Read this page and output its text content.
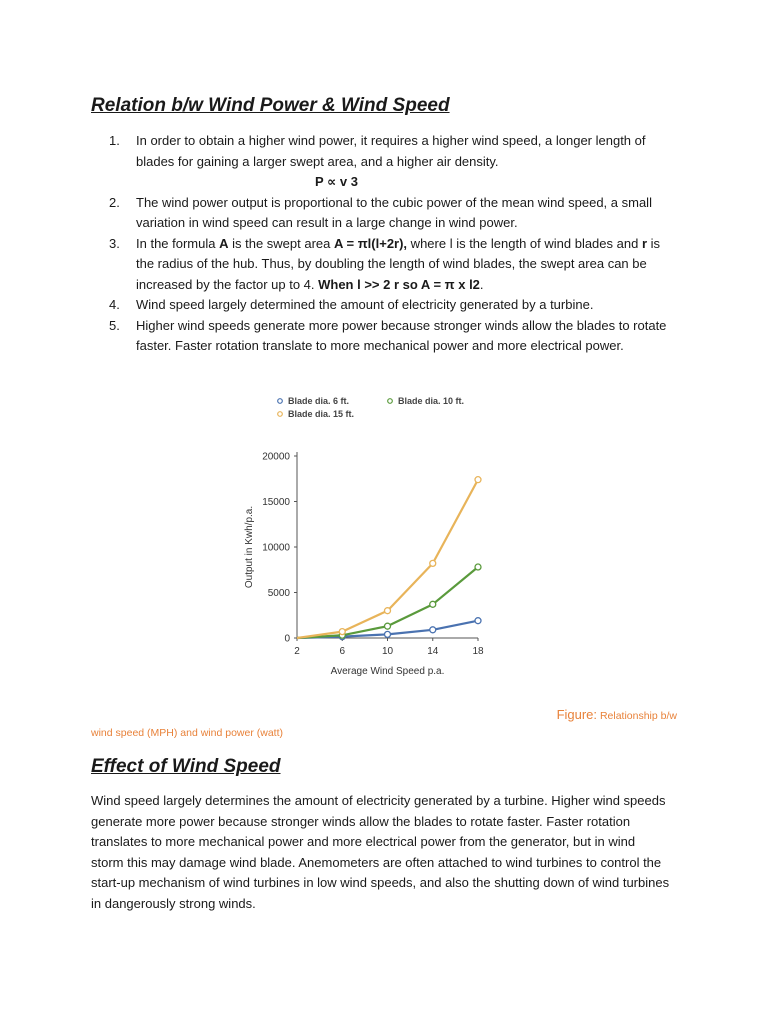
Relation b/w Wind Power & Wind Speed
1. In order to obtain a higher wind power, it requires a higher wind speed, a longer length of blades for gaining a larger swept area, and a higher air density.
P ∝ v 3
2. The wind power output is proportional to the cubic power of the mean wind speed, a small variation in wind speed can result in a large change in wind power.
3. In the formula A is the swept area A = πl(l+2r), where l is the length of wind blades and r is the radius of the hub. Thus, by doubling the length of wind blades, the swept area can be increased by the factor up to 4. When l >> 2 r so A = π x l2.
4. Wind speed largely determined the amount of electricity generated by a turbine.
5. Higher wind speeds generate more power because stronger winds allow the blades to rotate faster. Faster rotation translate to more mechanical power and more electrical power.
Blade dia. 6 ft.	Blade dia. 10 ft.
Blade dia. 15 ft.
0
5000
10000
15000
20000
2	6	10	14	18
Average Wind Speed p.a.
Output in Kwh/p.a.
Figure: Relationship b/w
wind speed (MPH) and wind power (watt)
Effect of Wind Speed

Wind speed largely determines the amount of electricity generated by a turbine. Higher wind speeds generate more power because stronger winds allow the blades to rotate faster. Faster rotation translates to more mechanical power and more electrical power from the generator, but in wind storm this may damage wind blade. Anemometers are often attached to wind turbines to control the start-up mechanism of wind turbines in low wind speeds, and also the shutting down of wind turbines in dangerously strong winds.
